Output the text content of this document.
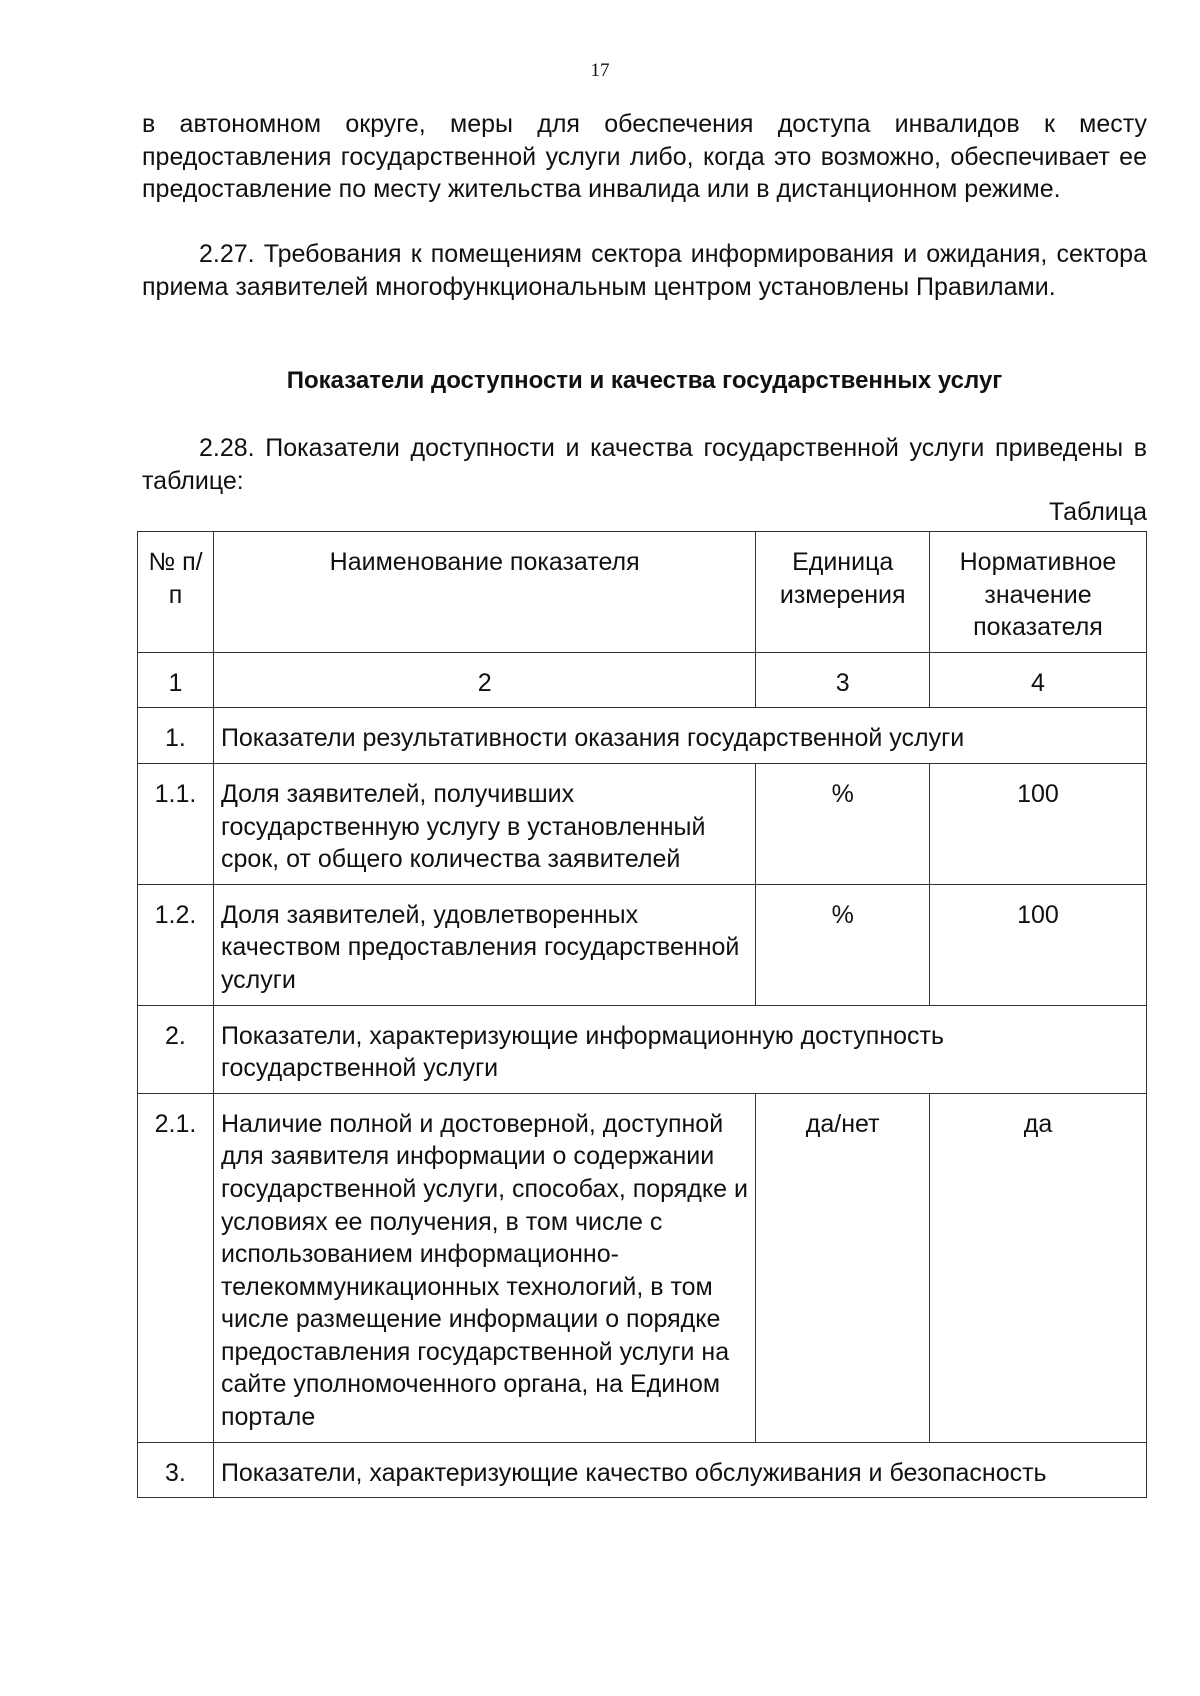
17

в автономном округе, меры для обеспечения доступа инвалидов к месту предоставления государственной услуги либо, когда это возможно, обеспечивает ее предоставление по месту жительства инвалида или в дистанционном режиме.

2.27. Требования к помещениям сектора информирования и ожидания, сектора приема заявителей многофункциональным центром установлены Правилами.

Показатели доступности и качества государственных услуг

2.28. Показатели доступности и качества государственной услуги приведены в таблице:

Таблица
№ п/п	Наименование показателя	Единица измерения	Нормативное значение показателя
1	2	3	4
1.	Показатели результативности оказания государственной услуги		
1.1.	Доля заявителей, получивших государственную услугу в установленный срок, от общего количества заявителей	%	100
1.2.	Доля заявителей, удовлетворенных качеством предоставления государственной услуги	%	100
2.	Показатели, характеризующие информационную доступность государственной услуги		
2.1.	Наличие полной и достоверной, доступной для заявителя информации о содержании государственной услуги, способах, порядке и условиях ее получения, в том числе с использованием информационно-телекоммуникационных технологий, в том числе размещение информации о порядке предоставления государственной услуги на сайте уполномоченного органа, на Едином портале	да/нет	да
3.	Показатели, характеризующие качество обслуживания и безопасность		
